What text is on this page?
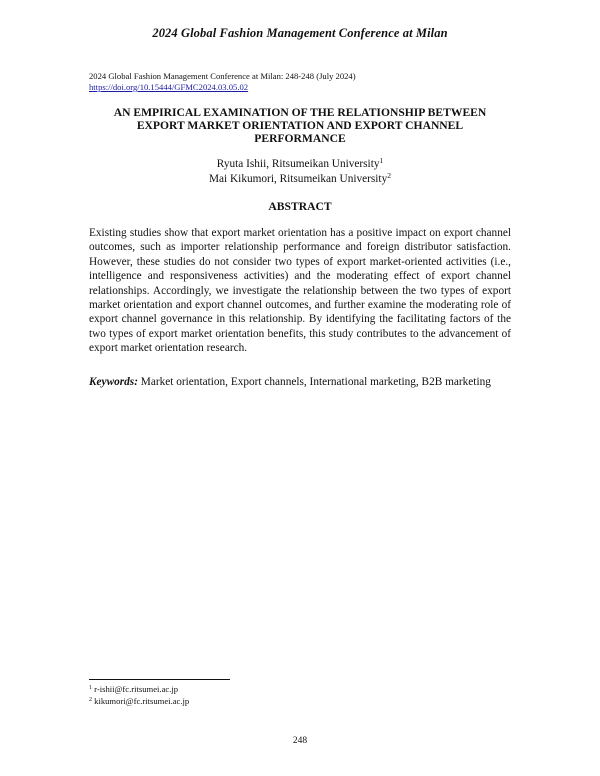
2024 Global Fashion Management Conference at Milan
2024 Global Fashion Management Conference at Milan: 248-248 (July 2024)
https://doi.org/10.15444/GFMC2024.03.05.02
AN EMPIRICAL EXAMINATION OF THE RELATIONSHIP BETWEEN
EXPORT MARKET ORIENTATION AND EXPORT CHANNEL
PERFORMANCE
Ryuta Ishii, Ritsumeikan University$^1$
Mai Kikumori, Ritsumeikan University$^2$
ABSTRACT
Existing studies show that export market orientation has a positive impact on export channel outcomes, such as importer relationship performance and foreign distributor satisfaction. However, these studies do not consider two types of export market-oriented activities (i.e., intelligence and responsiveness activities) and the moderating effect of export channel relationships. Accordingly, we investigate the relationship between the two types of export market orientation and export channel outcomes, and further examine the moderating role of export channel governance in this relationship. By identifying the facilitating factors of the two types of export market orientation benefits, this study contributes to the advancement of export market orientation research.
Keywords: Market orientation, Export channels, International marketing, B2B marketing
$^1$ r-ishii@fc.ritsumei.ac.jp
$^2$ kikumori@fc.ritsumei.ac.jp
248
